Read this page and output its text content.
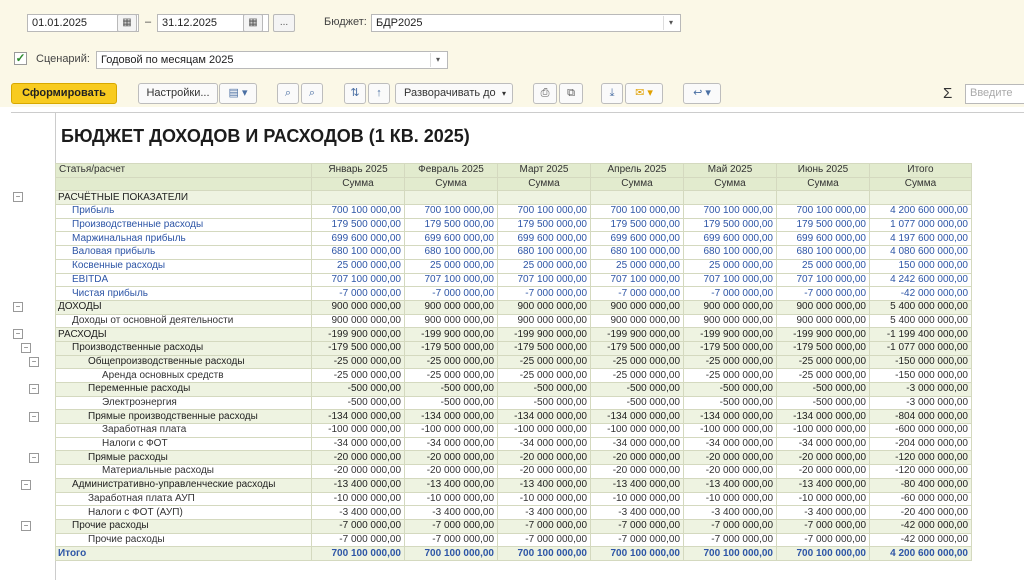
01.01.2025	▦	– 31.12.2025	▦	...	Бюджет: БДР2025	▾
✓ Сценарий:	Годовой по месяцам 2025	▾
Сформировать	Настройки...	▤ ▾	⌕	⌕	⇅	↑	Разворачивать до ▾	⎙	⧉	⤓	✉ ▾	↩ ▾	Σ	Введите
−
−
−
−
−
−
−
−
−
−
БЮДЖЕТ ДОХОДОВ И РАСХОДОВ (1 КВ. 2025)
Статья/расчет	Январь 2025	Февраль 2025	Март 2025	Апрель 2025	Май 2025	Июнь 2025	Итого
	Сумма	Сумма	Сумма	Сумма	Сумма	Сумма	Сумма
РАСЧЁТНЫЕ ПОКАЗАТЕЛИ							
Прибыль	700 100 000,00	700 100 000,00	700 100 000,00	700 100 000,00	700 100 000,00	700 100 000,00	4 200 600 000,00
Производственные расходы	179 500 000,00	179 500 000,00	179 500 000,00	179 500 000,00	179 500 000,00	179 500 000,00	1 077 000 000,00
Маржинальная прибыль	699 600 000,00	699 600 000,00	699 600 000,00	699 600 000,00	699 600 000,00	699 600 000,00	4 197 600 000,00
Валовая прибыль	680 100 000,00	680 100 000,00	680 100 000,00	680 100 000,00	680 100 000,00	680 100 000,00	4 080 600 000,00
Косвенные расходы	25 000 000,00	25 000 000,00	25 000 000,00	25 000 000,00	25 000 000,00	25 000 000,00	150 000 000,00
EBITDA	707 100 000,00	707 100 000,00	707 100 000,00	707 100 000,00	707 100 000,00	707 100 000,00	4 242 600 000,00
Чистая прибыль	-7 000 000,00	-7 000 000,00	-7 000 000,00	-7 000 000,00	-7 000 000,00	-7 000 000,00	-42 000 000,00
ДОХОДЫ	900 000 000,00	900 000 000,00	900 000 000,00	900 000 000,00	900 000 000,00	900 000 000,00	5 400 000 000,00
Доходы от основной деятельности	900 000 000,00	900 000 000,00	900 000 000,00	900 000 000,00	900 000 000,00	900 000 000,00	5 400 000 000,00
РАСХОДЫ	-199 900 000,00	-199 900 000,00	-199 900 000,00	-199 900 000,00	-199 900 000,00	-199 900 000,00	-1 199 400 000,00
Производственные расходы	-179 500 000,00	-179 500 000,00	-179 500 000,00	-179 500 000,00	-179 500 000,00	-179 500 000,00	-1 077 000 000,00
Общепроизводственные расходы	-25 000 000,00	-25 000 000,00	-25 000 000,00	-25 000 000,00	-25 000 000,00	-25 000 000,00	-150 000 000,00
Аренда основных средств	-25 000 000,00	-25 000 000,00	-25 000 000,00	-25 000 000,00	-25 000 000,00	-25 000 000,00	-150 000 000,00
Переменные расходы	-500 000,00	-500 000,00	-500 000,00	-500 000,00	-500 000,00	-500 000,00	-3 000 000,00
Электроэнергия	-500 000,00	-500 000,00	-500 000,00	-500 000,00	-500 000,00	-500 000,00	-3 000 000,00
Прямые производственные расходы	-134 000 000,00	-134 000 000,00	-134 000 000,00	-134 000 000,00	-134 000 000,00	-134 000 000,00	-804 000 000,00
Заработная плата	-100 000 000,00	-100 000 000,00	-100 000 000,00	-100 000 000,00	-100 000 000,00	-100 000 000,00	-600 000 000,00
Налоги с ФОТ	-34 000 000,00	-34 000 000,00	-34 000 000,00	-34 000 000,00	-34 000 000,00	-34 000 000,00	-204 000 000,00
Прямые расходы	-20 000 000,00	-20 000 000,00	-20 000 000,00	-20 000 000,00	-20 000 000,00	-20 000 000,00	-120 000 000,00
Материальные расходы	-20 000 000,00	-20 000 000,00	-20 000 000,00	-20 000 000,00	-20 000 000,00	-20 000 000,00	-120 000 000,00
Административно-управленческие расходы	-13 400 000,00	-13 400 000,00	-13 400 000,00	-13 400 000,00	-13 400 000,00	-13 400 000,00	-80 400 000,00
Заработная плата АУП	-10 000 000,00	-10 000 000,00	-10 000 000,00	-10 000 000,00	-10 000 000,00	-10 000 000,00	-60 000 000,00
Налоги с ФОТ (АУП)	-3 400 000,00	-3 400 000,00	-3 400 000,00	-3 400 000,00	-3 400 000,00	-3 400 000,00	-20 400 000,00
Прочие расходы	-7 000 000,00	-7 000 000,00	-7 000 000,00	-7 000 000,00	-7 000 000,00	-7 000 000,00	-42 000 000,00
Прочие расходы	-7 000 000,00	-7 000 000,00	-7 000 000,00	-7 000 000,00	-7 000 000,00	-7 000 000,00	-42 000 000,00
Итого	700 100 000,00	700 100 000,00	700 100 000,00	700 100 000,00	700 100 000,00	700 100 000,00	4 200 600 000,00
